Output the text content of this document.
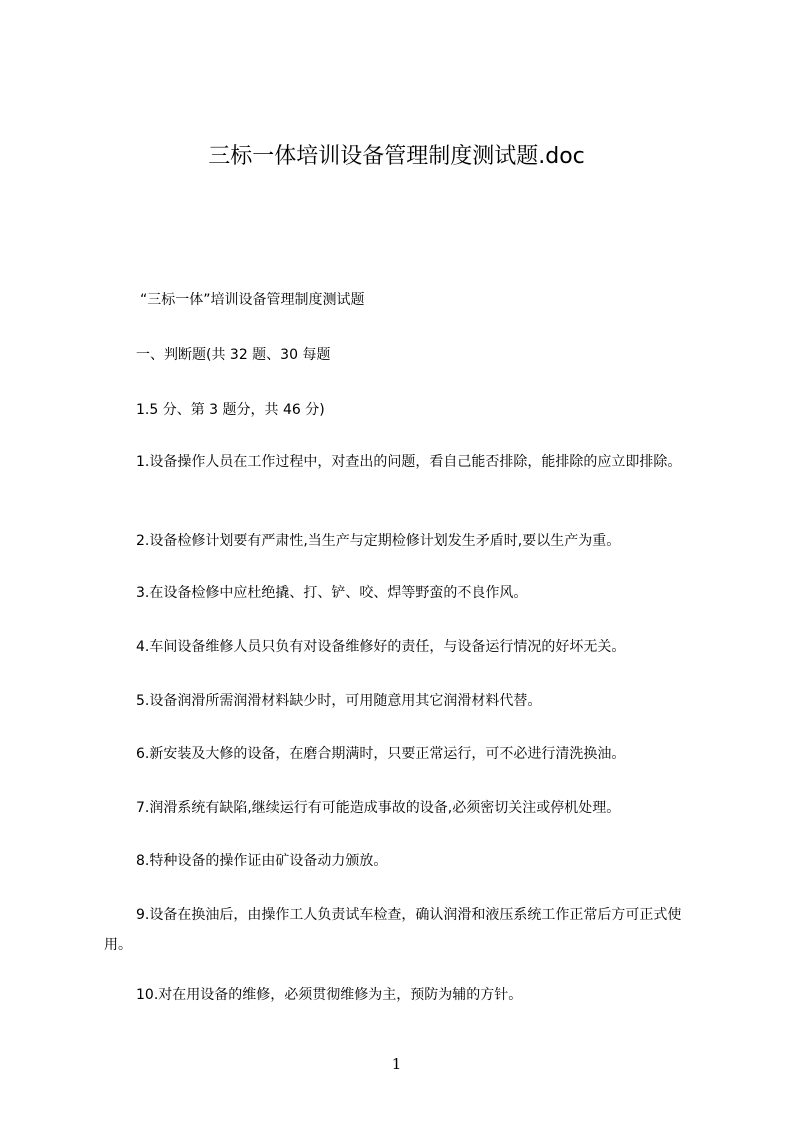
三标一体培训设备管理制度测试题.doc
“三标一体”培训设备管理制度测试题
一、判断题(共 32 题、30 每题
1.5 分、第 3 题分，共 46 分)
1.设备操作人员在工作过程中，对查出的问题，看自己能否排除，能排除的应立即排除。
2.设备检修计划要有严肃性,当生产与定期检修计划发生矛盾时,要以生产为重。
3.在设备检修中应杜绝撬、打、铲、咬、焊等野蛮的不良作风。
4.车间设备维修人员只负有对设备维修好的责任，与设备运行情况的好坏无关。
5.设备润滑所需润滑材料缺少时，可用随意用其它润滑材料代替。
6.新安装及大修的设备，在磨合期满时，只要正常运行，可不必进行清洗换油。
7.润滑系统有缺陷,继续运行有可能造成事故的设备,必须密切关注或停机处理。
8.特种设备的操作证由矿设备动力颁放。
9.设备在换油后，由操作工人负责试车检查，确认润滑和液压系统工作正常后方可正式使用。
10.对在用设备的维修，必须贯彻维修为主，预防为辅的方针。
1
